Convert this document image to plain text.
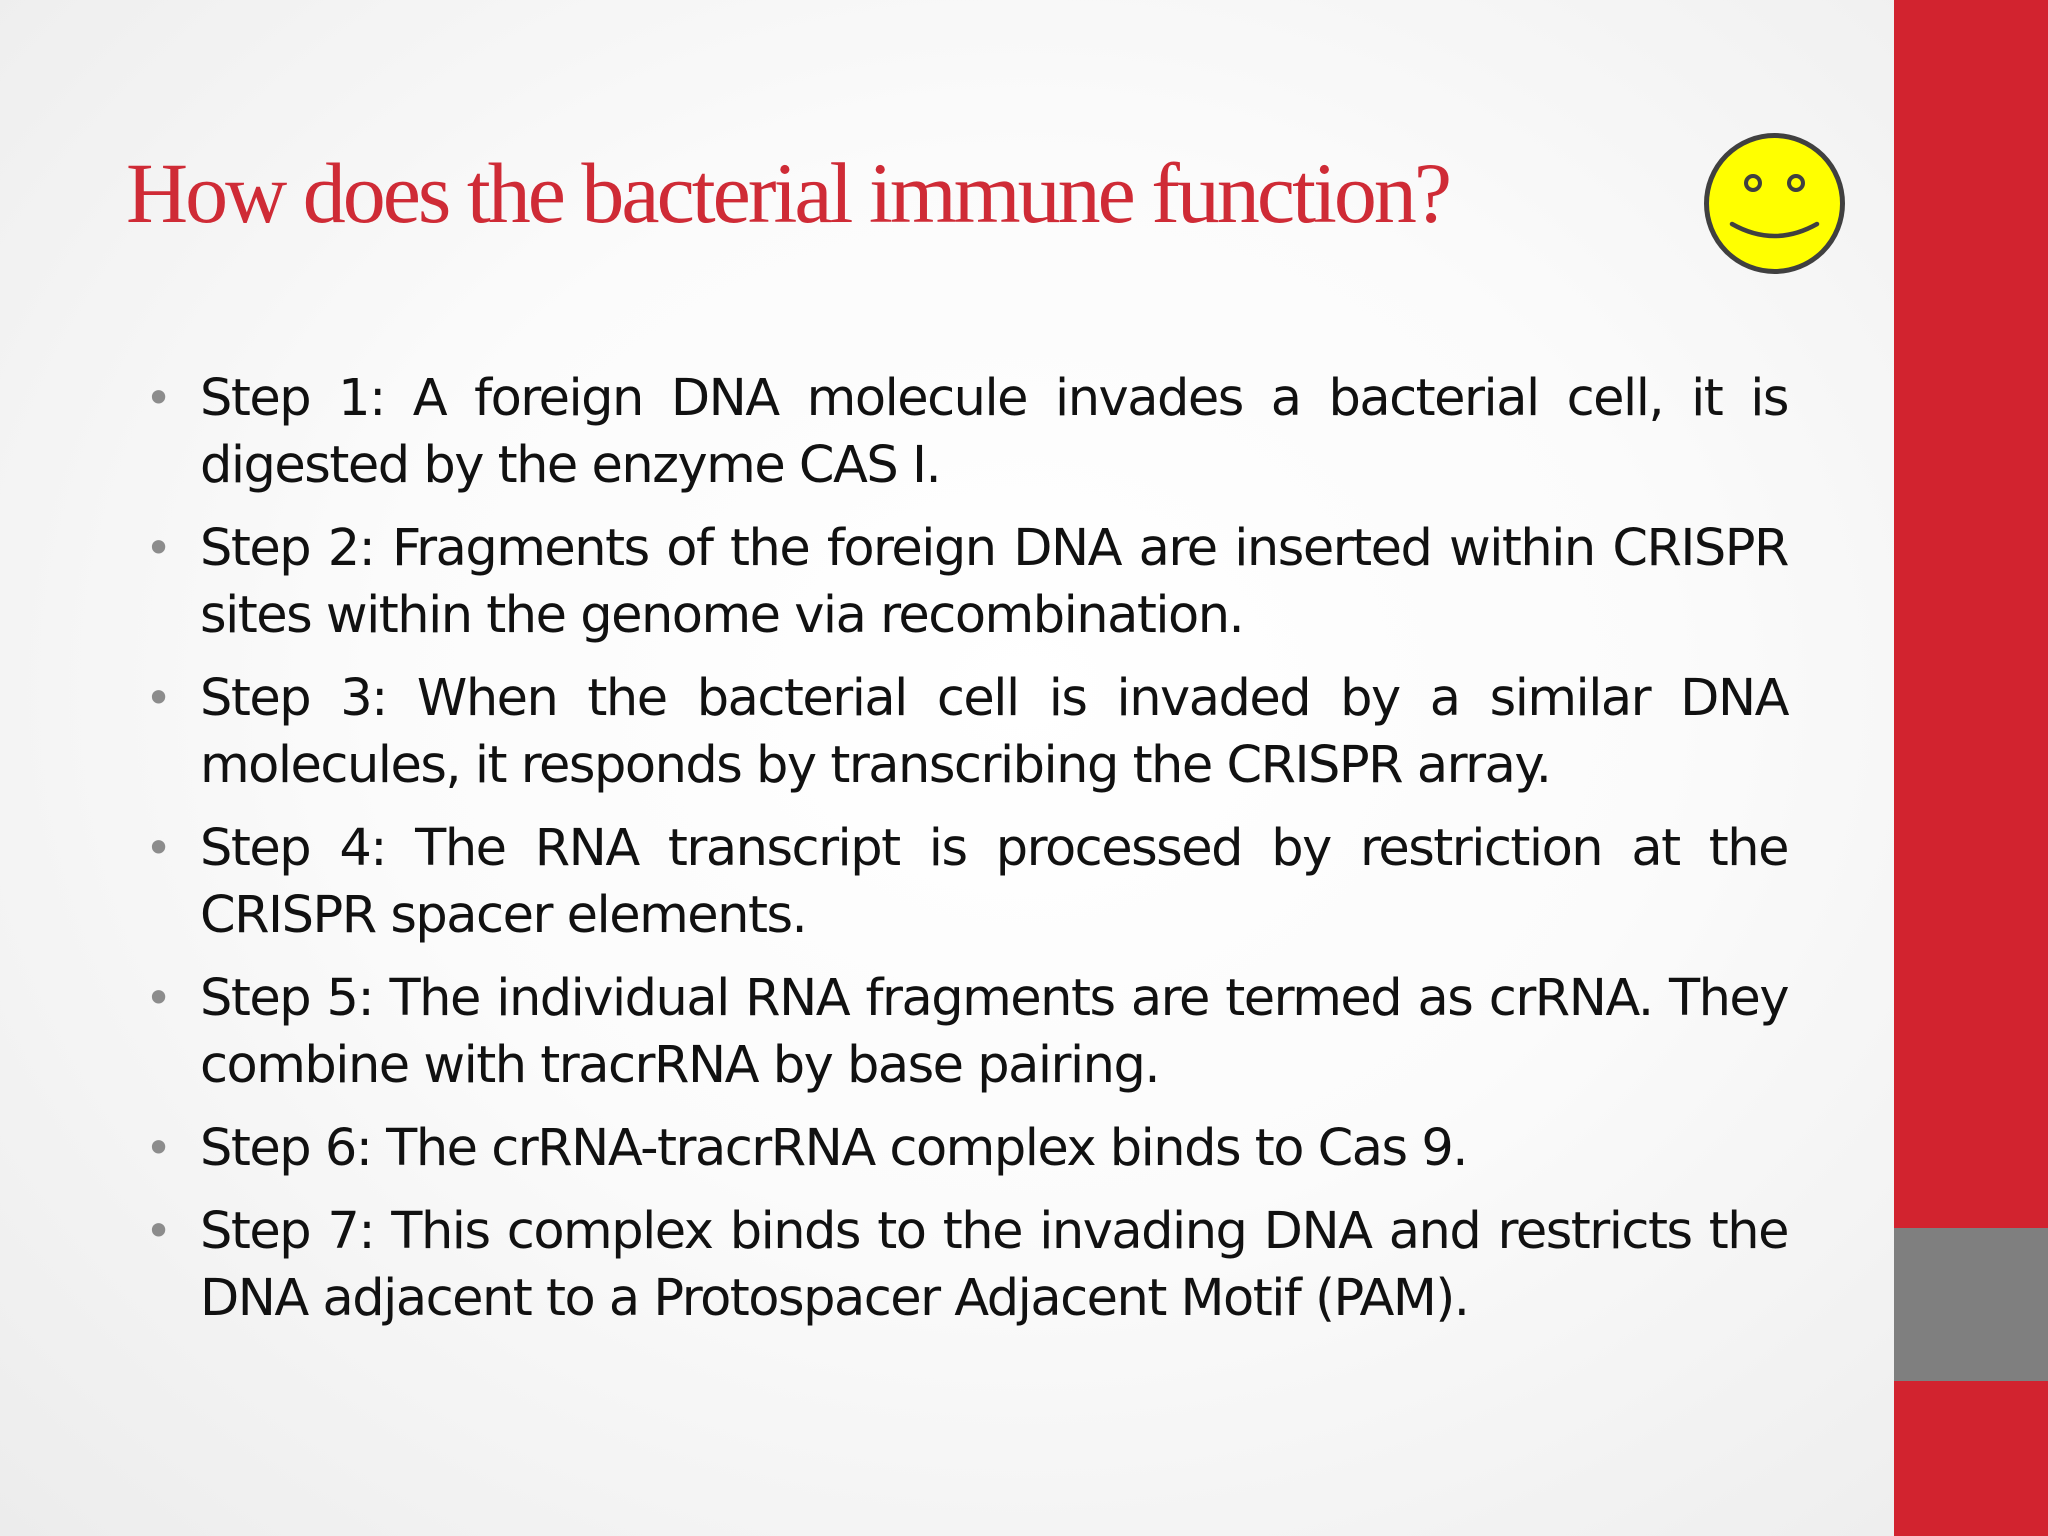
How does the bacterial immune function?
• Step 1: A foreign DNA molecule invades a bacterial cell, it is digested by the enzyme CAS I.
• Step 2: Fragments of the foreign DNA are inserted within CRISPR sites within the genome via recombination.
• Step 3: When the bacterial cell is invaded by a similar DNA molecules, it responds by transcribing the CRISPR array.
• Step 4: The RNA transcript is processed by restriction at the CRISPR spacer elements.
• Step 5: The individual RNA fragments are termed as crRNA. They combine with tracrRNA by base pairing.
• Step 6: The crRNA-tracrRNA complex binds to Cas 9.
• Step 7: This complex binds to the invading DNA and restricts the DNA adjacent to a Protospacer Adjacent Motif (PAM).
